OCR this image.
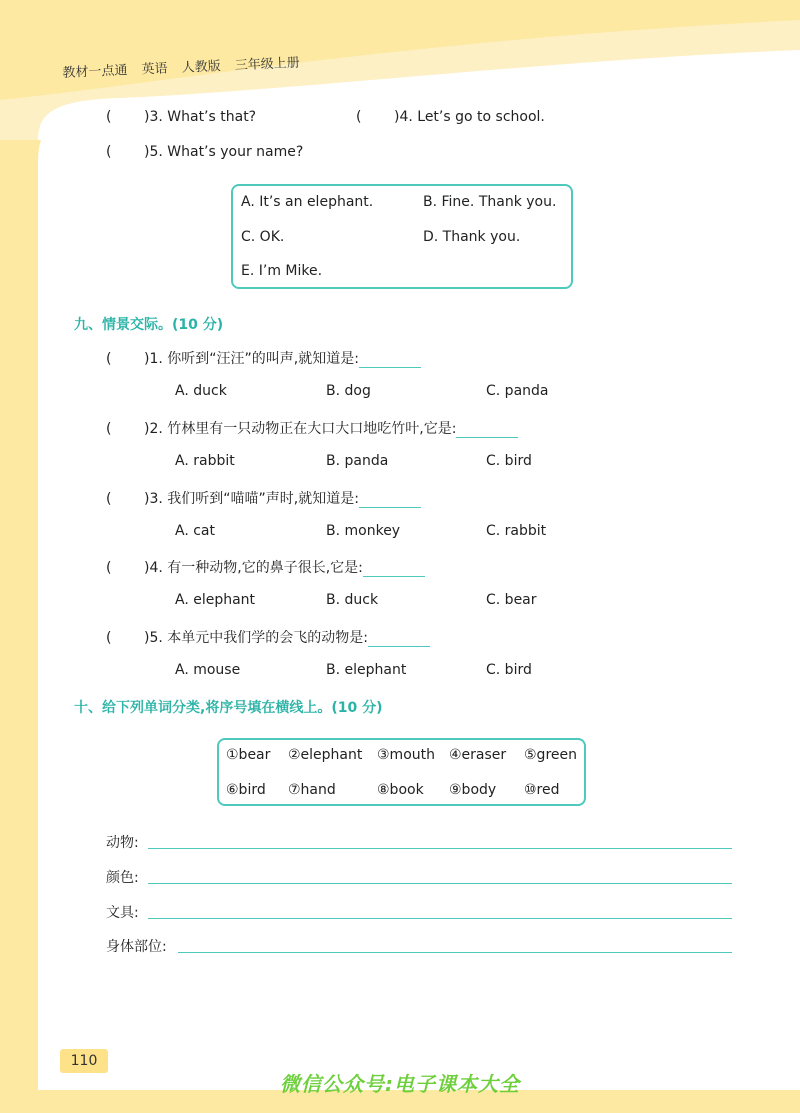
教材一点通 英语 人教版 三年级上册
( )3. What’s that?	( )4. Let’s go to school.
( )5. What’s your name?
A. It’s an elephant.	B. Fine. Thank you.
C. OK.	D. Thank you.
E. I’m Mike.
九、情景交际。(10 分)
( )1. 你听到“汪汪”的叫声,就知道是:
A. duck	B. dog	C. panda
( )2. 竹林里有一只动物正在大口大口地吃竹叶,它是:
A. rabbit	B. panda	C. bird
( )3. 我们听到“喵喵”声时,就知道是:
A. cat	B. monkey	C. rabbit
( )4. 有一种动物,它的鼻子很长,它是:
A. elephant	B. duck	C. bear
( )5. 本单元中我们学的会飞的动物是:
A. mouse	B. elephant	C. bird
十、给下列单词分类,将序号填在横线上。(10 分)
①bear ②elephant ③mouth ④eraser ⑤green
⑥bird ⑦hand	⑧book ⑨body ⑩red
动物:
颜色:
文具:
身体部位:
110
微信公众号:电子课本大全
